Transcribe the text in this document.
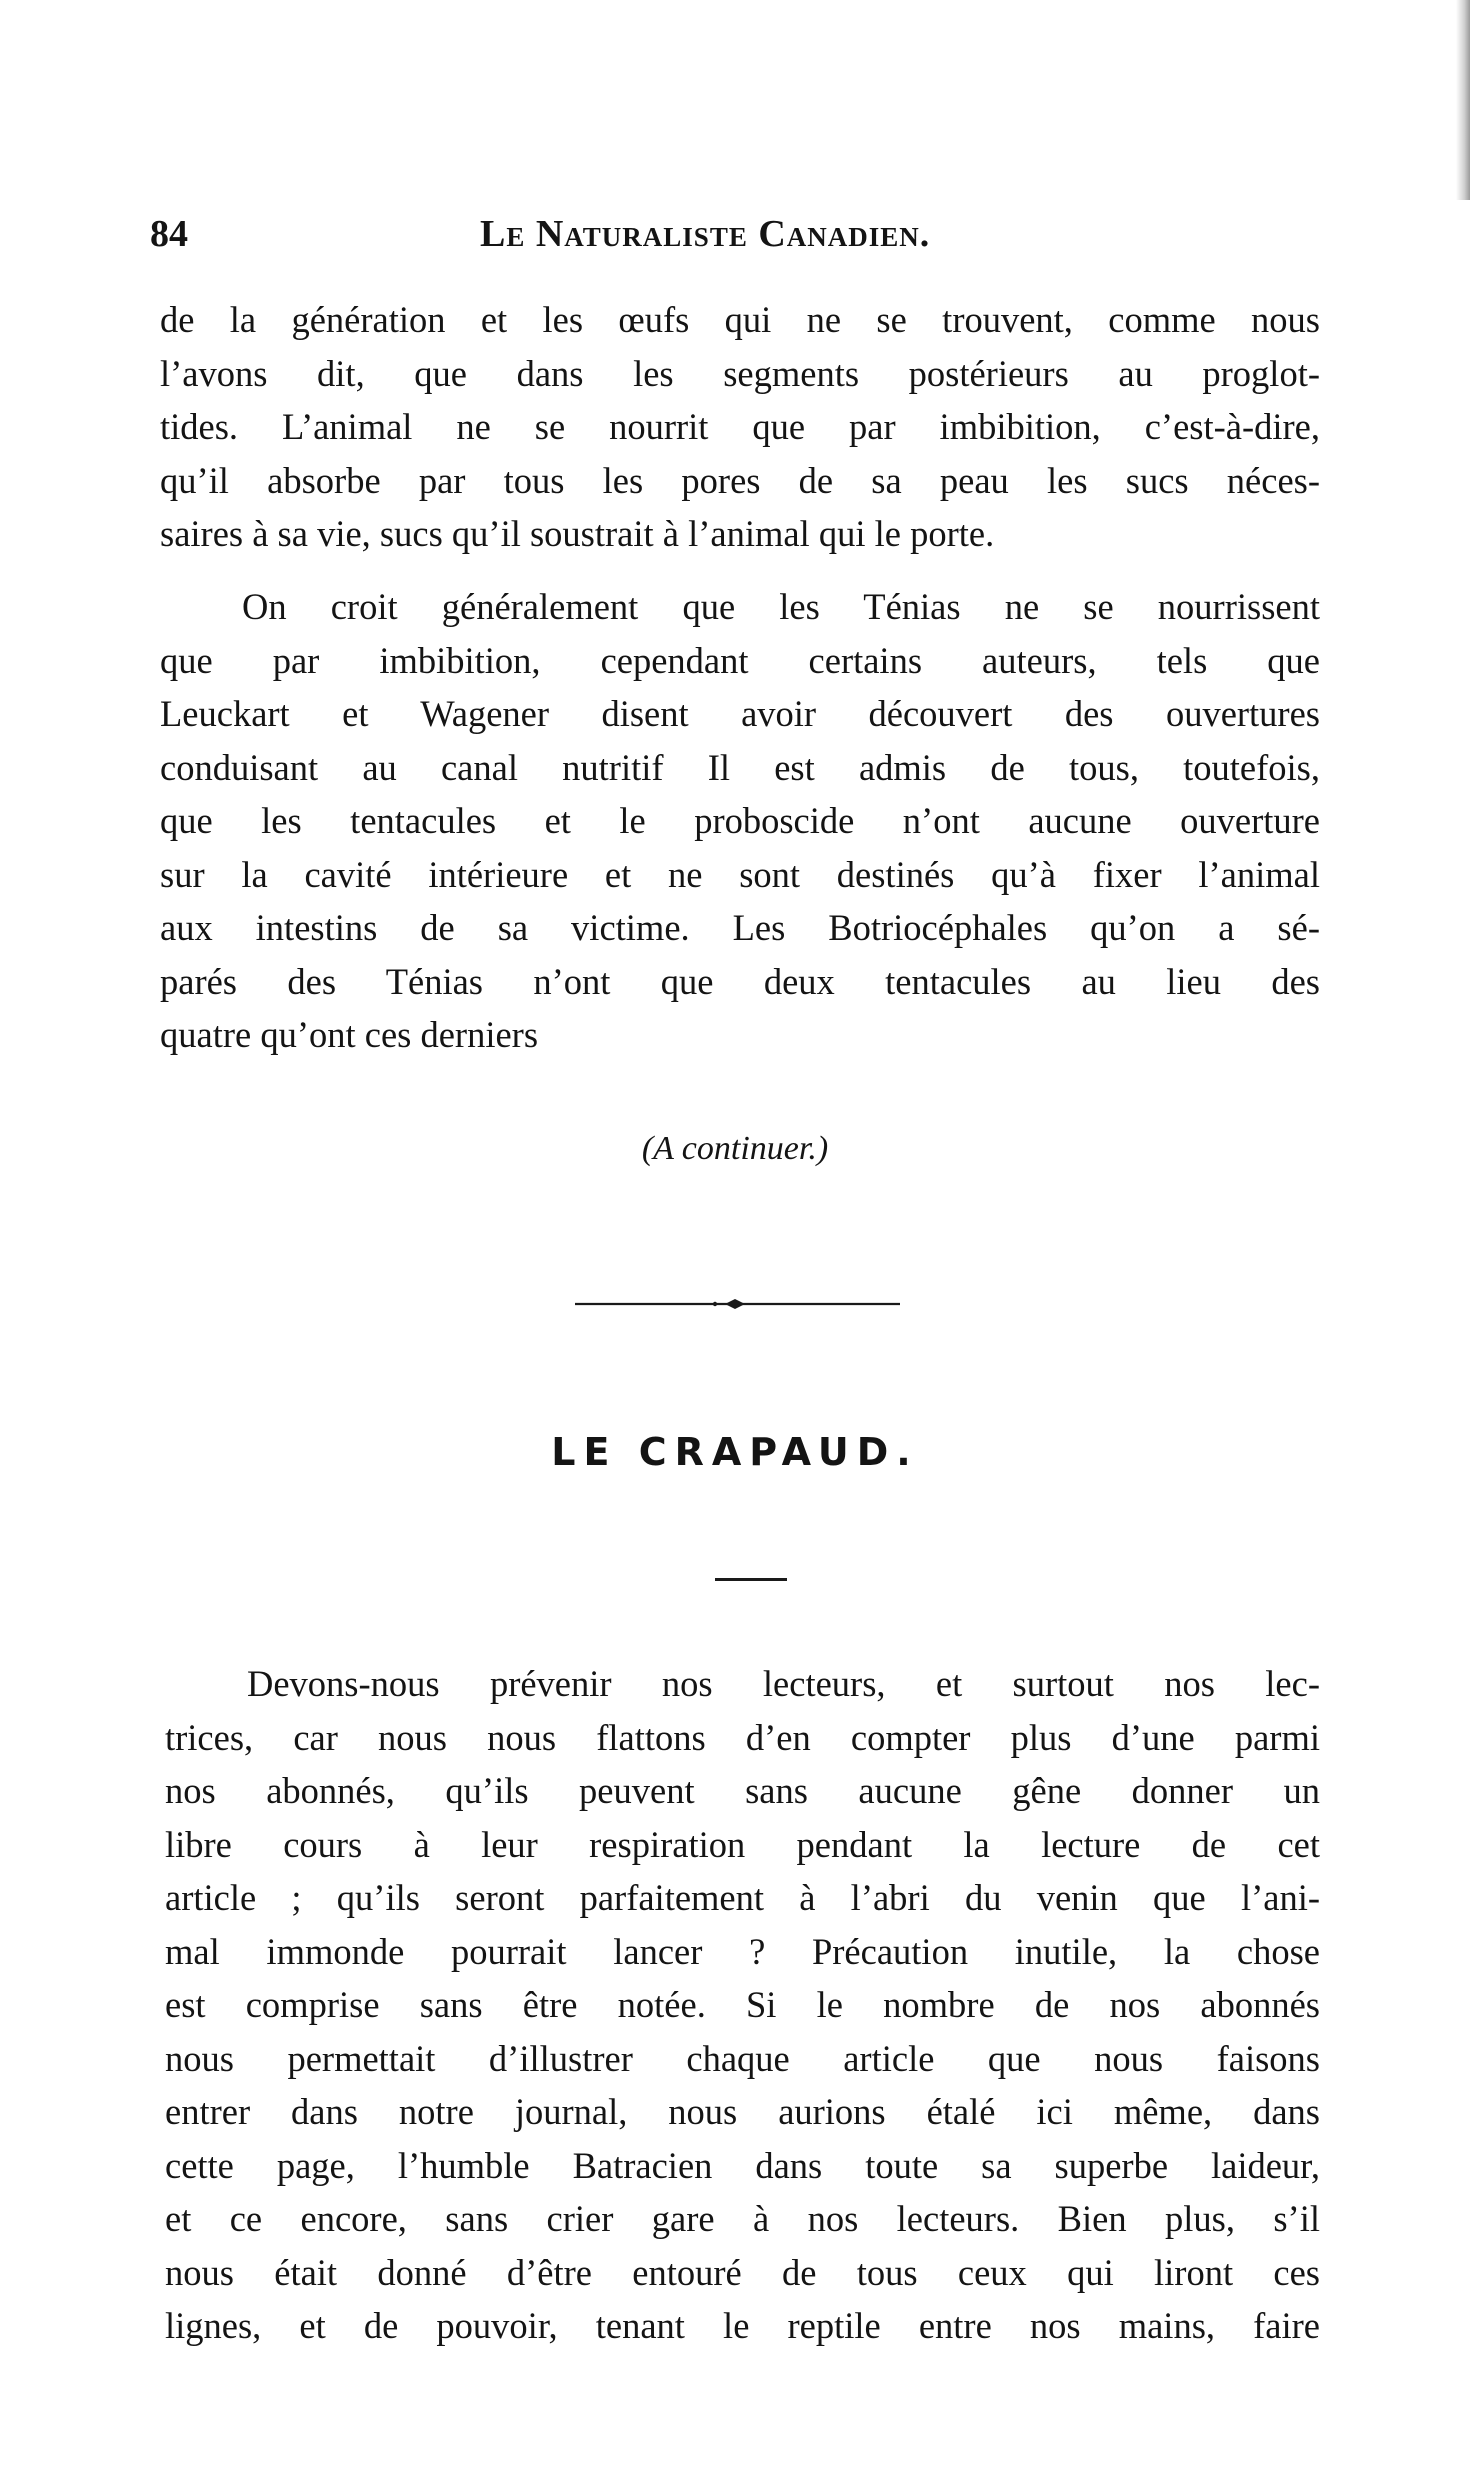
84	Le Naturaliste Canadien.

de la génération et les œufs qui ne se trouvent, comme nous
l’avons dit, que dans les segments postérieurs au proglot-
tides. L’animal ne se nourrit que par imbibition, c’est-à-dire,
qu’il absorbe par tous les pores de sa peau les sucs néces-
saires à sa vie, sucs qu’il soustrait à l’animal qui le porte.

On croit généralement que les Ténias ne se nourrissent
que par imbibition, cependant certains auteurs, tels que
Leuckart et Wagener disent avoir découvert des ouvertures
conduisant au canal nutritif Il est admis de tous, toutefois,
que les tentacules et le proboscide n’ont aucune ouverture
sur la cavité intérieure et ne sont destinés qu’à fixer l’animal
aux intestins de sa victime. Les Botriocéphales qu’on a sé-
parés des Ténias n’ont que deux tentacules au lieu des
quatre qu’ont ces derniers

(A continuer.)
LE CRAPAUD.

Devons-nous prévenir nos lecteurs, et surtout nos lec-
trices, car nous nous flattons d’en compter plus d’une parmi
nos abonnés, qu’ils peuvent sans aucune gêne donner un
libre cours à leur respiration pendant la lecture de cet
article ; qu’ils seront parfaitement à l’abri du venin que l’ani-
mal immonde pourrait lancer ? Précaution inutile, la chose
est comprise sans être notée. Si le nombre de nos abonnés
nous permettait d’illustrer chaque article que nous faisons
entrer dans notre journal, nous aurions étalé ici même, dans
cette page, l’humble Batracien dans toute sa superbe laideur,
et ce encore, sans crier gare à nos lecteurs. Bien plus, s’il
nous était donné d’être entouré de tous ceux qui liront ces
lignes, et de pouvoir, tenant le reptile entre nos mains, faire
